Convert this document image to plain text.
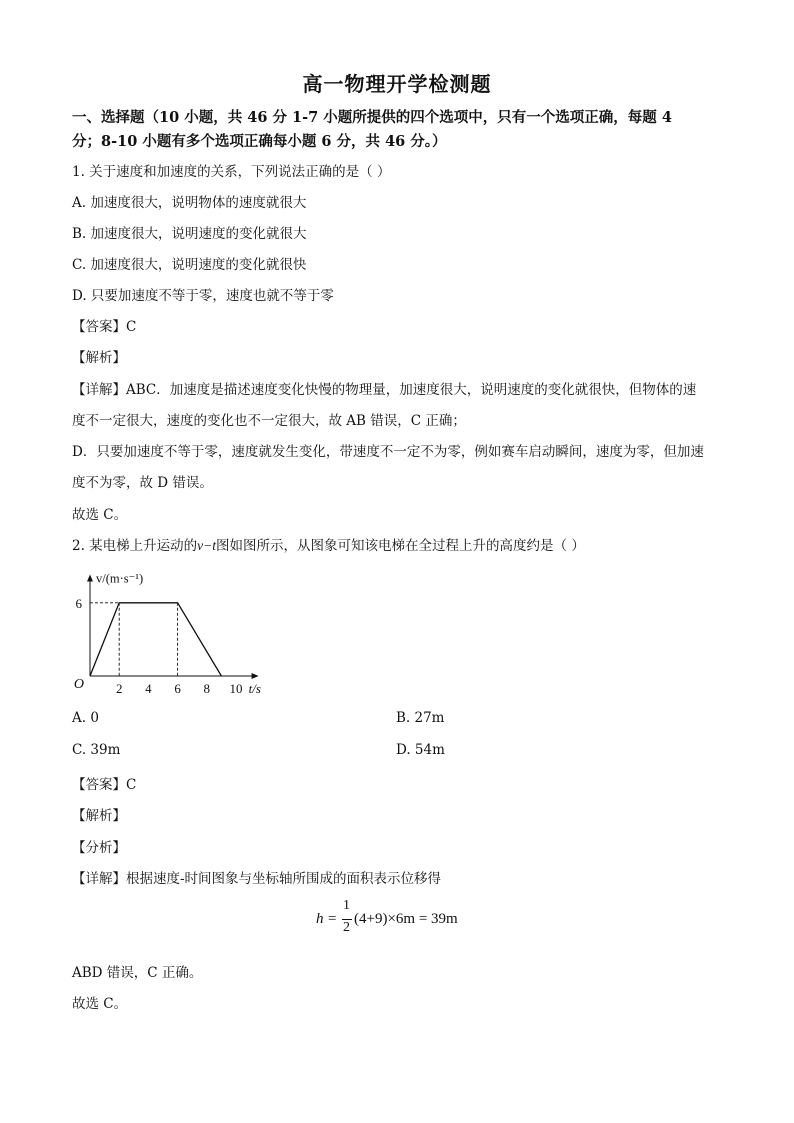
高一物理开学检测题
一、选择题（10 小题，共 46 分 1-7 小题所提供的四个选项中，只有一个选项正确，每题 4
分；8-10 小题有多个选项正确每小题 6 分，共 46 分。）
1. 关于速度和加速度的关系，下列说法正确的是（ ）
A. 加速度很大，说明物体的速度就很大
B. 加速度很大，说明速度的变化就很大
C. 加速度很大，说明速度的变化就很快
D. 只要加速度不等于零，速度也就不等于零
【答案】C
【解析】
【详解】ABC．加速度是描述速度变化快慢的物理量，加速度很大，说明速度的变化就很快，但物体的速
度不一定很大，速度的变化也不一定很大，故 AB 错误，C 正确；
D．只要加速度不等于零，速度就发生变化，带速度不一定不为零，例如赛车启动瞬间，速度为零，但加速
度不为零，故 D 错误。
故选 C。
2. 某电梯上升运动的v−t图如图所示，从图象可知该电梯在全过程上升的高度约是（ ）
2 4 6 8 10
6
O
v/(m·s⁻¹)
t/s
A. 0	B. 27m
C. 39m	D. 54m
【答案】C
【解析】
【分析】
【详解】根据速度-时间图象与坐标轴所围成的面积表示位移得
h =
1
2
(4+9)×6m = 39m
ABD 错误，C 正确。
故选 C。
